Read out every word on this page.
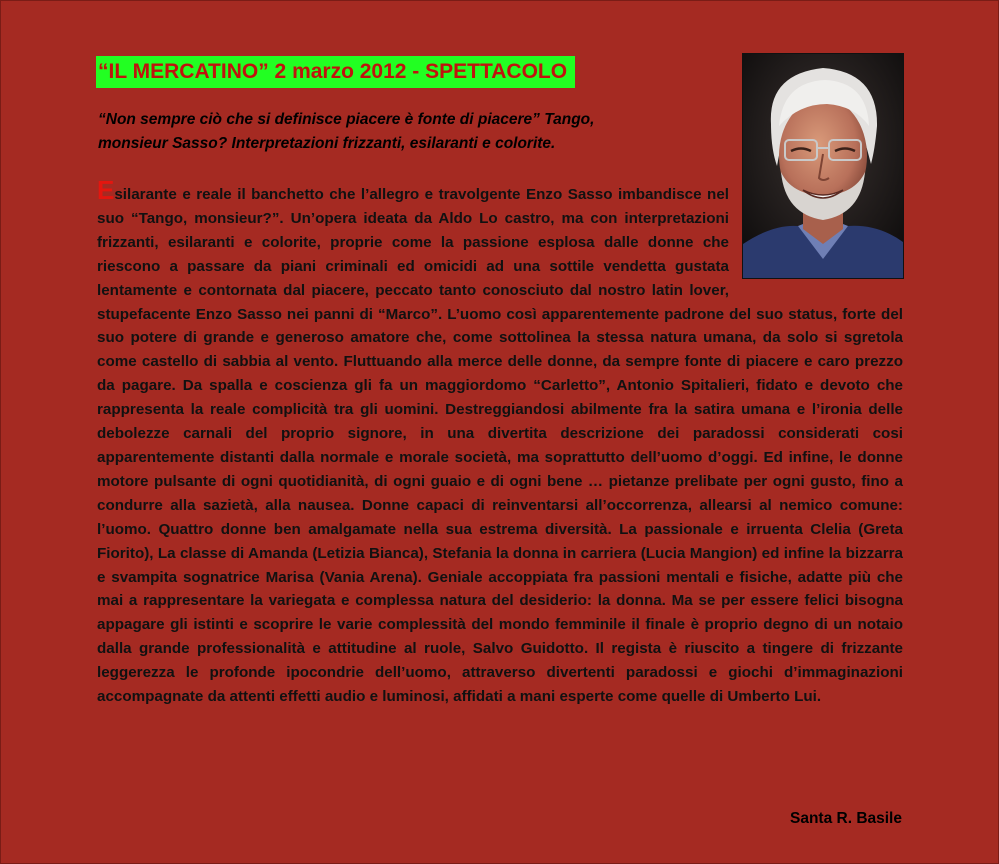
“IL MERCATINO” 2 marzo 2012 - SPETTACOLO
“Non sempre ciò che si definisce piacere è fonte di piacere” Tango, monsieur Sasso? Interpretazioni frizzanti, esilaranti e colorite.
Esilarante e reale il banchetto che l’allegro e travolgente Enzo Sasso imbandisce nel suo “Tango, monsieur?”. Un’opera ideata da Aldo Lo castro, ma con interpretazioni frizzanti, esilaranti e colorite, proprie come la passione esplosa dalle donne che riescono a passare da piani criminali ed omicidi ad una sottile vendetta gustata lentamente e contornata dal piacere, peccato tanto conosciuto dal nostro latin lover, stupefacente Enzo Sasso nei panni di “Marco”. L’uomo così apparentemente padrone del suo status, forte del suo potere di grande e generoso amatore che, come sottolinea la stessa natura umana, da solo si sgretola come castello di sabbia al vento. Fluttuando alla merce delle donne, da sempre fonte di piacere e caro prezzo da pagare. Da spalla e coscienza gli fa un maggiordomo “Carletto”, Antonio Spitalieri, fidato e devoto che rappresenta la reale complicità tra gli uomini. Destreggiandosi abilmente fra la satira umana e l’ironia delle debolezze carnali del proprio signore, in una divertita descrizione dei paradossi considerati cosi apparentemente distanti dalla normale e morale società, ma soprattutto dell’uomo d’oggi. Ed infine, le donne motore pulsante di ogni quotidianità, di ogni guaio e di ogni bene … pietanze prelibate per ogni gusto, fino a condurre alla sazietà, alla nausea. Donne capaci di reinventarsi all’occorrenza, allearsi al nemico comune: l’uomo. Quattro donne ben amalgamate nella sua estrema diversità. La passionale e irruenta Clelia (Greta Fiorito), La classe di Amanda (Letizia Bianca), Stefania la donna in carriera (Lucia Mangion) ed infine la bizzarra e svampita sognatrice Marisa (Vania Arena). Geniale accoppiata fra passioni mentali e fisiche, adatte più che mai a rappresentare la variegata e complessa natura del desiderio: la donna. Ma se per essere felici bisogna appagare gli istinti e scoprire le varie complessità del mondo femminile il finale è proprio degno di un notaio dalla grande professionalità e attitudine al ruole, Salvo Guidotto. Il regista è riuscito a tingere di frizzante leggerezza le profonde ipocondrie dell’uomo, attraverso divertenti paradossi e giochi d’immaginazioni accompagnate da attenti effetti audio e luminosi, affidati a mani esperte come quelle di Umberto Lui.
Santa R. Basile
